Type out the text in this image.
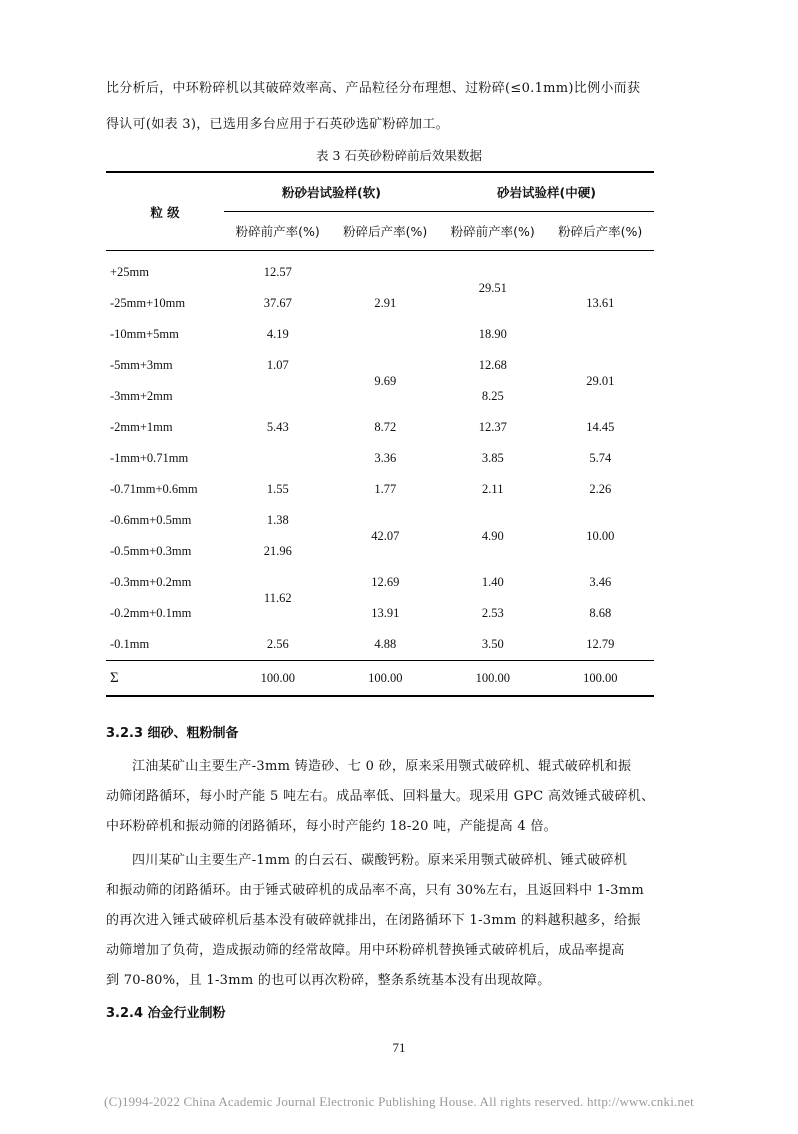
比分析后，中环粉碎机以其破碎效率高、产品粒径分布理想、过粉碎(≤0.1mm)比例小而获
得认可(如表 3)，已选用多台应用于石英砂选矿粉碎加工。
表 3 石英砂粉碎前后效果数据
粒 级	粉砂岩试验样(软)		砂岩试验样(中硬)	
	粉碎前产率(%)	粉碎后产率(%)	粉碎前产率(%)	粉碎后产率(%)
+25mm	12.57	2.91	29.51	13.61
-25mm+10mm	37.67			
-10mm+5mm	4.19		18.90	
-5mm+3mm	1.07	9.69	12.68	29.01
-3mm+2mm			8.25	
-2mm+1mm	5.43	8.72	12.37	14.45
-1mm+0.71mm		3.36	3.85	5.74
-0.71mm+0.6mm	1.55	1.77	2.11	2.26
-0.6mm+0.5mm	1.38	42.07	4.90	10.00
-0.5mm+0.3mm	21.96			
-0.3mm+0.2mm	11.62	12.69	1.40	3.46
-0.2mm+0.1mm		13.91	2.53	8.68
-0.1mm	2.56	4.88	3.50	12.79
Σ	100.00	100.00	100.00	100.00
3.2.3 细砂、粗粉制备
江油某矿山主要生产-3mm 铸造砂、七 0 砂，原来采用颚式破碎机、辊式破碎机和振
动筛闭路循环，每小时产能 5 吨左右。成品率低、回料量大。现采用 GPC 高效锤式破碎机、
中环粉碎机和振动筛的闭路循环，每小时产能约 18-20 吨，产能提高 4 倍。
四川某矿山主要生产-1mm 的白云石、碳酸钙粉。原来采用颚式破碎机、锤式破碎机
和振动筛的闭路循环。由于锤式破碎机的成品率不高，只有 30%左右，且返回料中 1-3mm
的再次进入锤式破碎机后基本没有破碎就排出，在闭路循环下 1-3mm 的料越积越多，给振
动筛增加了负荷，造成振动筛的经常故障。用中环粉碎机替换锤式破碎机后，成品率提高
到 70-80%，且 1-3mm 的也可以再次粉碎，整条系统基本没有出现故障。
3.2.4 冶金行业制粉
71
(C)1994-2022 China Academic Journal Electronic Publishing House. All rights reserved. http://www.cnki.net
